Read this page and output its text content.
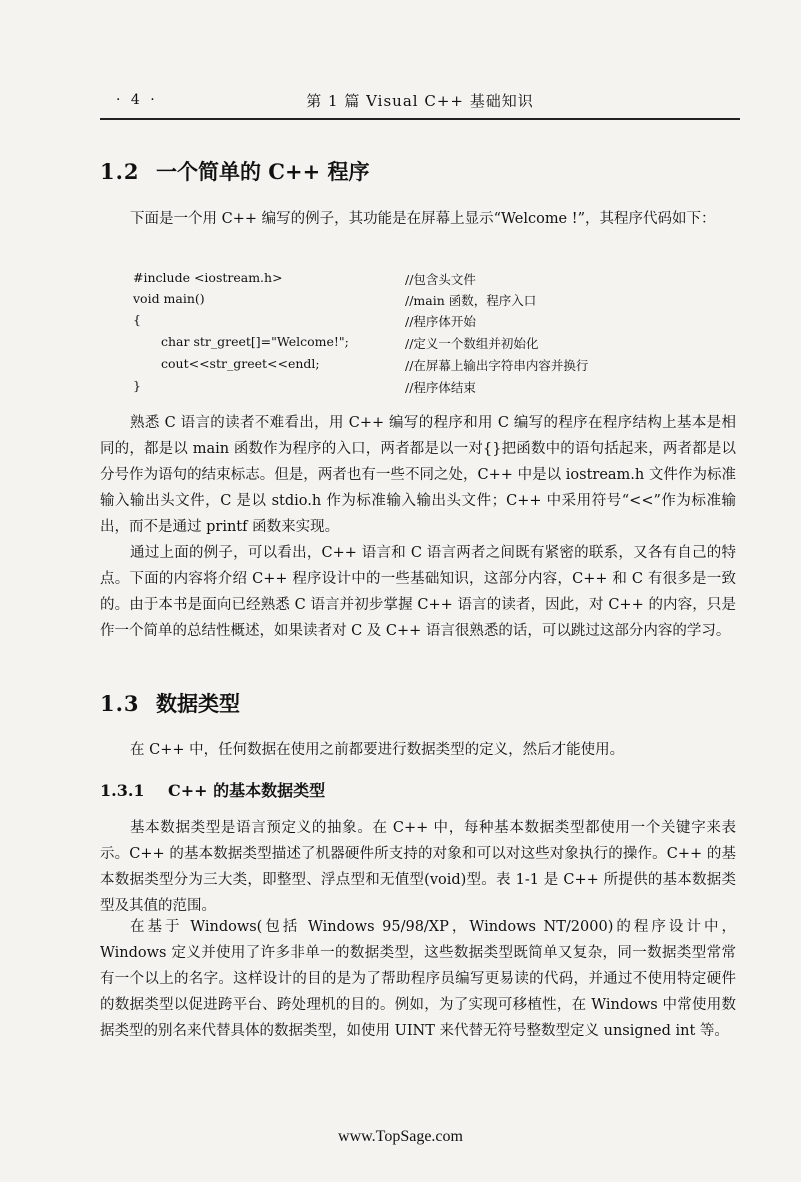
· 4 ·	第 1 篇 Visual C++ 基础知识
1.2 一个简单的 C++ 程序

下面是一个用 C++ 编写的例子，其功能是在屏幕上显示“Welcome !”，其程序代码如下：

#include <iostream.h>	//包含头文件
void main()	//main 函数，程序入口
{	//程序体开始
char str_greet[]="Welcome!";	//定义一个数组并初始化
cout<<str_greet<<endl;	//在屏幕上输出字符串内容并换行
}	//程序体结束

熟悉 C 语言的读者不难看出，用 C++ 编写的程序和用 C 编写的程序在程序结构上基本是相同的，都是以 main 函数作为程序的入口，两者都是以一对{}把函数中的语句括起来，两者都是以分号作为语句的结束标志。但是，两者也有一些不同之处，C++ 中是以 iostream.h 文件作为标准输入输出头文件，C 是以 stdio.h 作为标准输入输出头文件；C++ 中采用符号“<<”作为标准输出，而不是通过 printf 函数来实现。

通过上面的例子，可以看出，C++ 语言和 C 语言两者之间既有紧密的联系，又各有自己的特点。下面的内容将介绍 C++ 程序设计中的一些基础知识，这部分内容，C++ 和 C 有很多是一致的。由于本书是面向已经熟悉 C 语言并初步掌握 C++ 语言的读者，因此，对 C++ 的内容，只是作一个简单的总结性概述，如果读者对 C 及 C++ 语言很熟悉的话，可以跳过这部分内容的学习。

1.3 数据类型

在 C++ 中，任何数据在使用之前都要进行数据类型的定义，然后才能使用。

1.3.1 C++ 的基本数据类型

基本数据类型是语言预定义的抽象。在 C++ 中，每种基本数据类型都使用一个关键字来表示。C++ 的基本数据类型描述了机器硬件所支持的对象和可以对这些对象执行的操作。C++ 的基本数据类型分为三大类，即整型、浮点型和无值型(void)型。表 1-1 是 C++ 所提供的基本数据类型及其值的范围。

在基于 Windows(包括 Windows 95/98/XP，Windows NT/2000)的程序设计中，Windows 定义并使用了许多非单一的数据类型，这些数据类型既简单又复杂，同一数据类型常常有一个以上的名字。这样设计的目的是为了帮助程序员编写更易读的代码，并通过不使用特定硬件的数据类型以促进跨平台、跨处理机的目的。例如，为了实现可移植性，在 Windows 中常使用数据类型的别名来代替具体的数据类型，如使用 UINT 来代替无符号整数型定义 unsigned int 等。

www.TopSage.com
